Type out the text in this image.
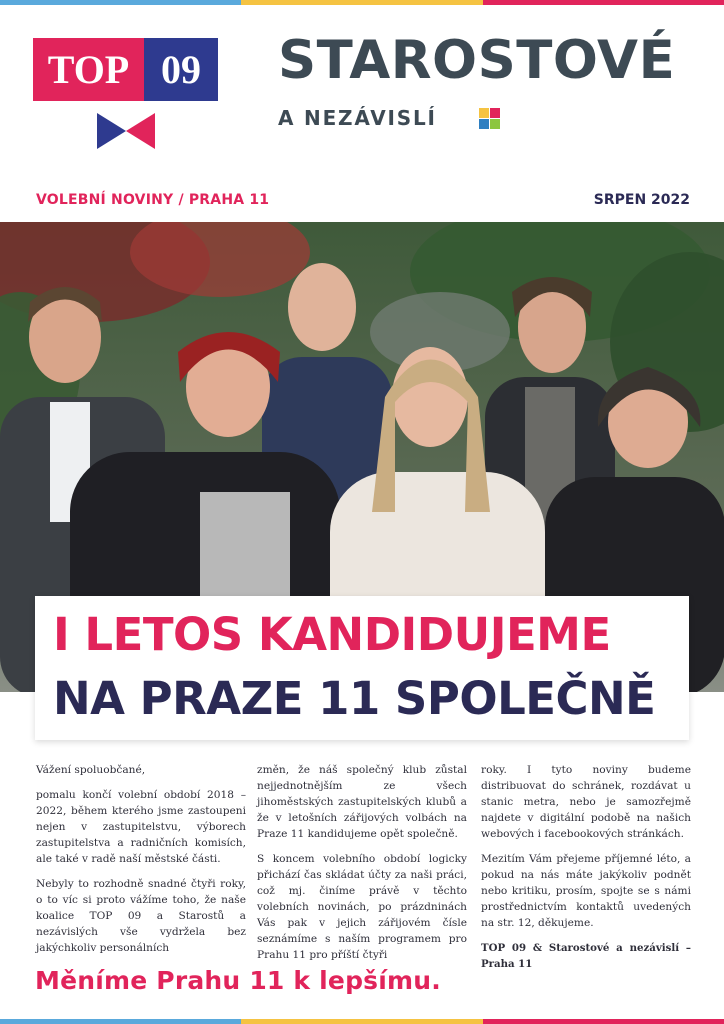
TOP 09	STAROSTOVÉ
A NEZÁVISLÍ
VOLEBNÍ NOVINY / PRAHA 11	SRPEN 2022
I LETOS KANDIDUJEME
NA PRAZE 11 SPOLEČNĚ

Vážení spoluobčané,

pomalu končí volební období 2018 – 2022, během kterého jsme zastoupeni nejen v zastupitelstvu, výborech zastupitelstva a radničních komisích, ale také v radě naší městské části.

Nebyly to rozhodně snadné čtyři roky, o to víc si proto vážíme toho, že naše koalice TOP 09 a Starostů a nezávislých vše vydržela bez jakýchkoliv personálních

změn, že náš společný klub zůstal nejjednotnějším ze všech jihoměstských zastupitelských klubů a že v letošních zářijových volbách na Praze 11 kandidujeme opět společně.

S koncem volebního období logicky přichází čas skládat účty za naši práci, což mj. činíme právě v těchto volebních novinách, po prázdninách Vás pak v jejich zářijovém čísle seznámíme s naším programem pro Prahu 11 pro příští čtyři

roky. I tyto noviny budeme distribuovat do schránek, rozdávat u stanic metra, nebo je samozřejmě najdete v digitální podobě na našich webových i facebookových stránkách.

Mezitím Vám přejeme příjemné léto, a pokud na nás máte jakýkoliv podnět nebo kritiku, prosím, spojte se s námi prostřednictvím kontaktů uvedených na str. 12, děkujeme.

TOP 09 & Starostové a nezávislí – Praha 11

Měníme Prahu 11 k lepšímu.
